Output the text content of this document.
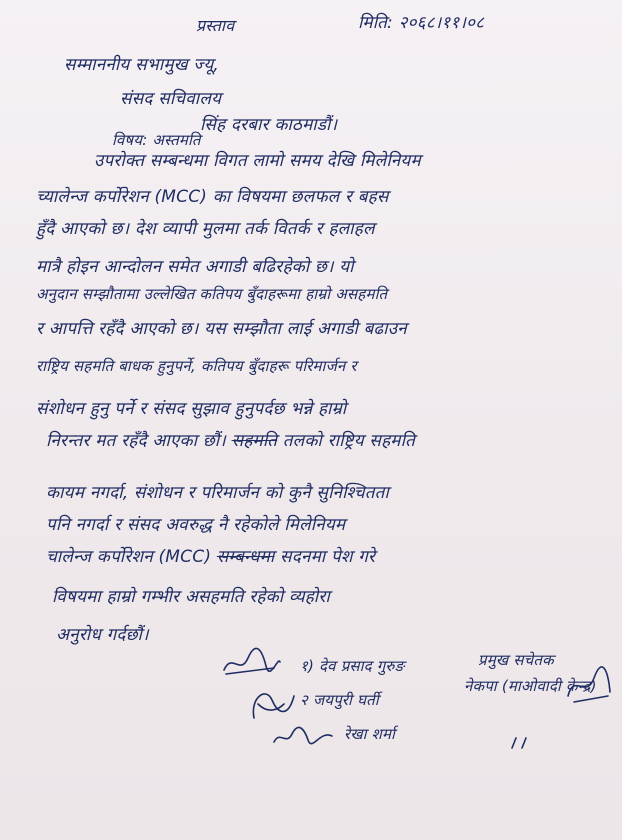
प्रस्ताव	मिति: २०६८।११।०८
सम्माननीय सभामुख ज्यू,
संसद सचिवालय
सिंह दरबार काठमाडौं।
विषय: अस्तमति
उपरोक्त सम्बन्धमा विगत लामो समय देखि मिलेनियम
च्यालेन्ज कर्पोरेशन (MCC) का विषयमा छलफल र बहस
हुँदै आएको छ। देश व्यापी मुलमा तर्क वितर्क र हलाहल
मात्रै होइन आन्दोलन समेत अगाडी बढिरहेको छ। यो
अनुदान सम्झौतामा उल्लेखित कतिपय बुँदाहरूमा हाम्रो असहमति
र आपत्ति रहँदै आएको छ। यस सम्झौता लाई अगाडी बढाउन
राष्ट्रिय सहमति बाधक हुनुपर्ने, कतिपय बुँदाहरू परिमार्जन र
संशोधन हुनु पर्ने र संसद सुझाव हुनुपर्दछ भन्ने हाम्रो
निरन्तर मत रहँदै आएका छौं। सहमति तलको राष्ट्रिय सहमति
कायम नगर्दा, संशोधन र परिमार्जन को कुनै सुनिश्चितता
पनि नगर्दा र संसद अवरुद्ध नै रहेकोले मिलेनियम
चालेन्ज कर्पोरेशन (MCC) सम्बन्धमा सदनमा पेश गरे
विषयमा हाम्रो गम्भीर असहमति रहेको व्यहोरा
अनुरोध गर्दछौं।
१) देव प्रसाद गुरुङ	प्रमुख सचेतक
नेकपा (माओवादी केन्द्र)
२ जयपुरी घर्ती
रेखा शर्मा
